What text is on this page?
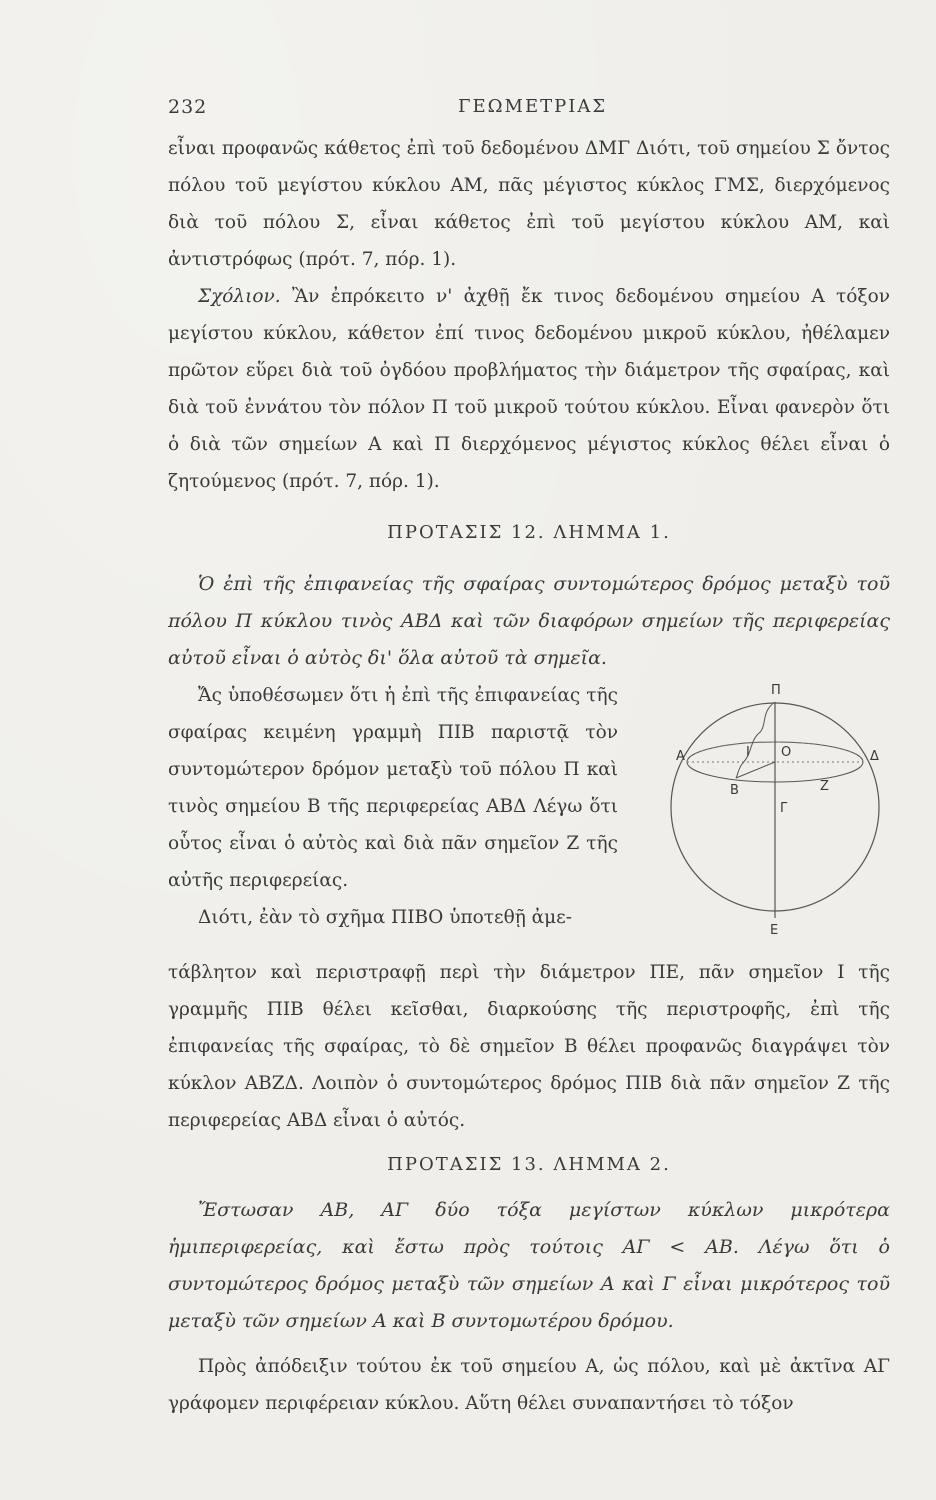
232	ΓΕΩΜΕΤΡΙΑΣ

εἶναι προφανῶς κάθετος ἐπὶ τοῦ δεδομένου ΔΜΓ Διότι, τοῦ σημείου Σ ὄντος πόλου τοῦ μεγίστου κύκλου ΑΜ, πᾶς μέγιστος κύκλος ΓΜΣ, διερχόμενος διὰ τοῦ πόλου Σ, εἶναι κάθετος ἐπὶ τοῦ μεγίστου κύκλου ΑΜ, καὶ ἀντιστρόφως (πρότ. 7, πόρ. 1).

Σχόλιον. Ἂν ἐπρόκειτο ν' ἀχθῇ ἔκ τινος δεδομένου σημείου Α τόξον μεγίστου κύκλου, κάθετον ἐπί τινος δεδομένου μικροῦ κύκλου, ἠθέλαμεν πρῶτον εὕρει διὰ τοῦ ὀγδόου προβλήματος τὴν διάμετρον τῆς σφαίρας, καὶ διὰ τοῦ ἐννάτου τὸν πόλον Π τοῦ μικροῦ τούτου κύκλου. Εἶναι φανερὸν ὅτι ὁ διὰ τῶν σημείων Α καὶ Π διερχόμενος μέγιστος κύκλος θέλει εἶναι ὁ ζητούμενος (πρότ. 7, πόρ. 1).

ΠΡΟΤΑΣΙΣ 12. ΛΗΜΜΑ 1.

Ὁ ἐπὶ τῆς ἐπιφανείας τῆς σφαίρας συντομώτερος δρόμος μεταξὺ τοῦ πόλου Π κύκλου τινὸς ΑΒΔ καὶ τῶν διαφόρων σημείων τῆς περιφερείας αὐτοῦ εἶναι ὁ αὐτὸς δι' ὅλα αὐτοῦ τὰ σημεῖα.

Ἄς ὑποθέσωμεν ὅτι ἡ ἐπὶ τῆς ἐπιφανείας τῆς σφαίρας κειμένη γραμμὴ ΠΙΒ παριστᾷ τὸν συντομώτερον δρόμον μεταξὺ τοῦ πόλου Π καὶ τινὸς σημείου Β τῆς περιφερείας ΑΒΔ Λέγω ὅτι οὗτος εἶναι ὁ αὐτὸς καὶ διὰ πᾶν σημεῖον Ζ τῆς αὐτῆς περιφερείας.

Διότι, ἐὰν τὸ σχῆμα ΠΙΒΟ ὑποτεθῇ ἀμε-

τάβλητον καὶ περιστραφῇ περὶ τὴν διάμετρον ΠΕ, πᾶν σημεῖον Ι τῆς γραμμῆς ΠΙΒ θέλει κεῖσθαι, διαρκούσης τῆς περιστροφῆς, ἐπὶ τῆς ἐπιφανείας τῆς σφαίρας, τὸ δὲ σημεῖον Β θέλει προφανῶς διαγράψει τὸν κύκλον ΑΒΖΔ. Λοιπὸν ὁ συντομώτερος δρόμος ΠΙΒ διὰ πᾶν σημεῖον Ζ τῆς περιφερείας ΑΒΔ εἶναι ὁ αὐτός.

ΠΡΟΤΑΣΙΣ 13. ΛΗΜΜΑ 2.

Ἔστωσαν ΑΒ, ΑΓ δύο τόξα μεγίστων κύκλων μικρότερα ἡμιπεριφερείας, καὶ ἔστω πρὸς τούτοις ΑΓ < ΑΒ. Λέγω ὅτι ὁ συντομώτερος δρόμος μεταξὺ τῶν σημείων Α καὶ Γ εἶναι μικρότερος τοῦ μεταξὺ τῶν σημείων Α καὶ Β συντομωτέρου δρόμου.

Πρὸς ἀπόδειξιν τούτου ἐκ τοῦ σημείου Α, ὡς πόλου, καὶ μὲ ἀκτῖνα ΑΓ γράφομεν περιφέρειαν κύκλου. Αὕτη θέλει συναπαντήσει τὸ τόξον

Π
Α	Ι Ο	Δ
Β	Ζ
Γ
Ε
